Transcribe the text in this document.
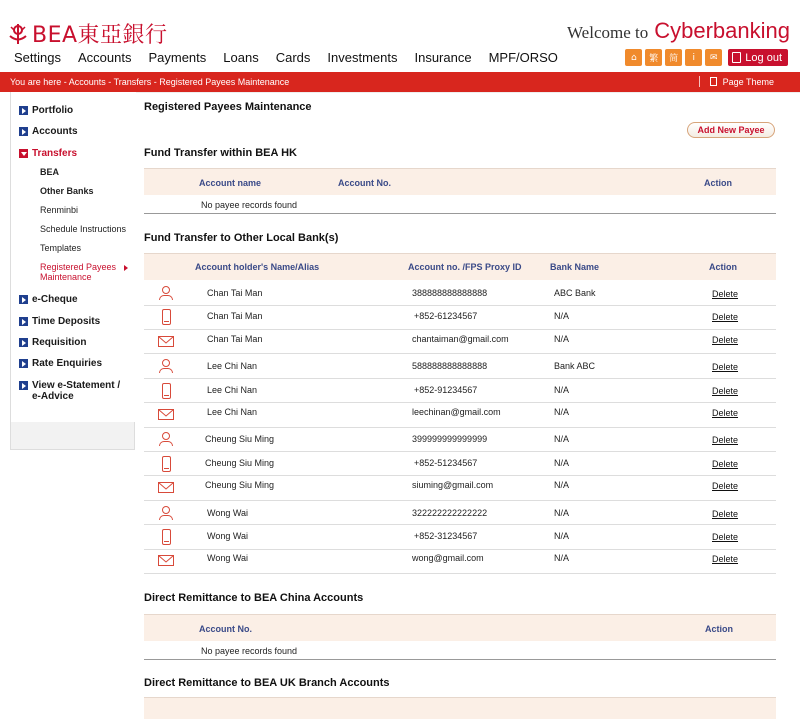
BEA東亞銀行	Welcome to Cyberbanking
Settings Accounts Payments Loans Cards Investments Insurance MPF/ORSO	⌂	繁	简	i	✉	Log out
You are here - Accounts - Transfers - Registered Payees Maintenance	Page Theme
Portfolio
Accounts
Transfers
BEA
Other Banks
Renminbi
Schedule Instructions
Templates
Registered Payees Maintenance
e-Cheque
Time Deposits
Requisition
Rate Enquiries
View e-Statement / e-Advice
Registered Payees Maintenance
Add New Payee
Fund Transfer within BEA HK
Account name	Account No.	Action
No payee records found
Fund Transfer to Other Local Bank(s)
Account holder's Name/Alias	Account no. /FPS Proxy ID	Bank Name	Action
Chan Tai Man	388888888888888	ABC Bank	Delete
Chan Tai Man	+852-61234567	N/A	Delete
Chan Tai Man	chantaiman@gmail.com	N/A	Delete
Lee Chi Nan	588888888888888	Bank ABC	Delete
Lee Chi Nan	+852-91234567	N/A	Delete
Lee Chi Nan	leechinan@gmail.com	N/A	Delete
Cheung Siu Ming	399999999999999	N/A	Delete
Cheung Siu Ming	+852-51234567	N/A	Delete
Cheung Siu Ming	siuming@gmail.com	N/A	Delete
Wong Wai	322222222222222	N/A	Delete
Wong Wai	+852-31234567	N/A	Delete
Wong Wai	wong@gmail.com	N/A	Delete
Direct Remittance to BEA China Accounts
Account No.	Action
No payee records found
Direct Remittance to BEA UK Branch Accounts
